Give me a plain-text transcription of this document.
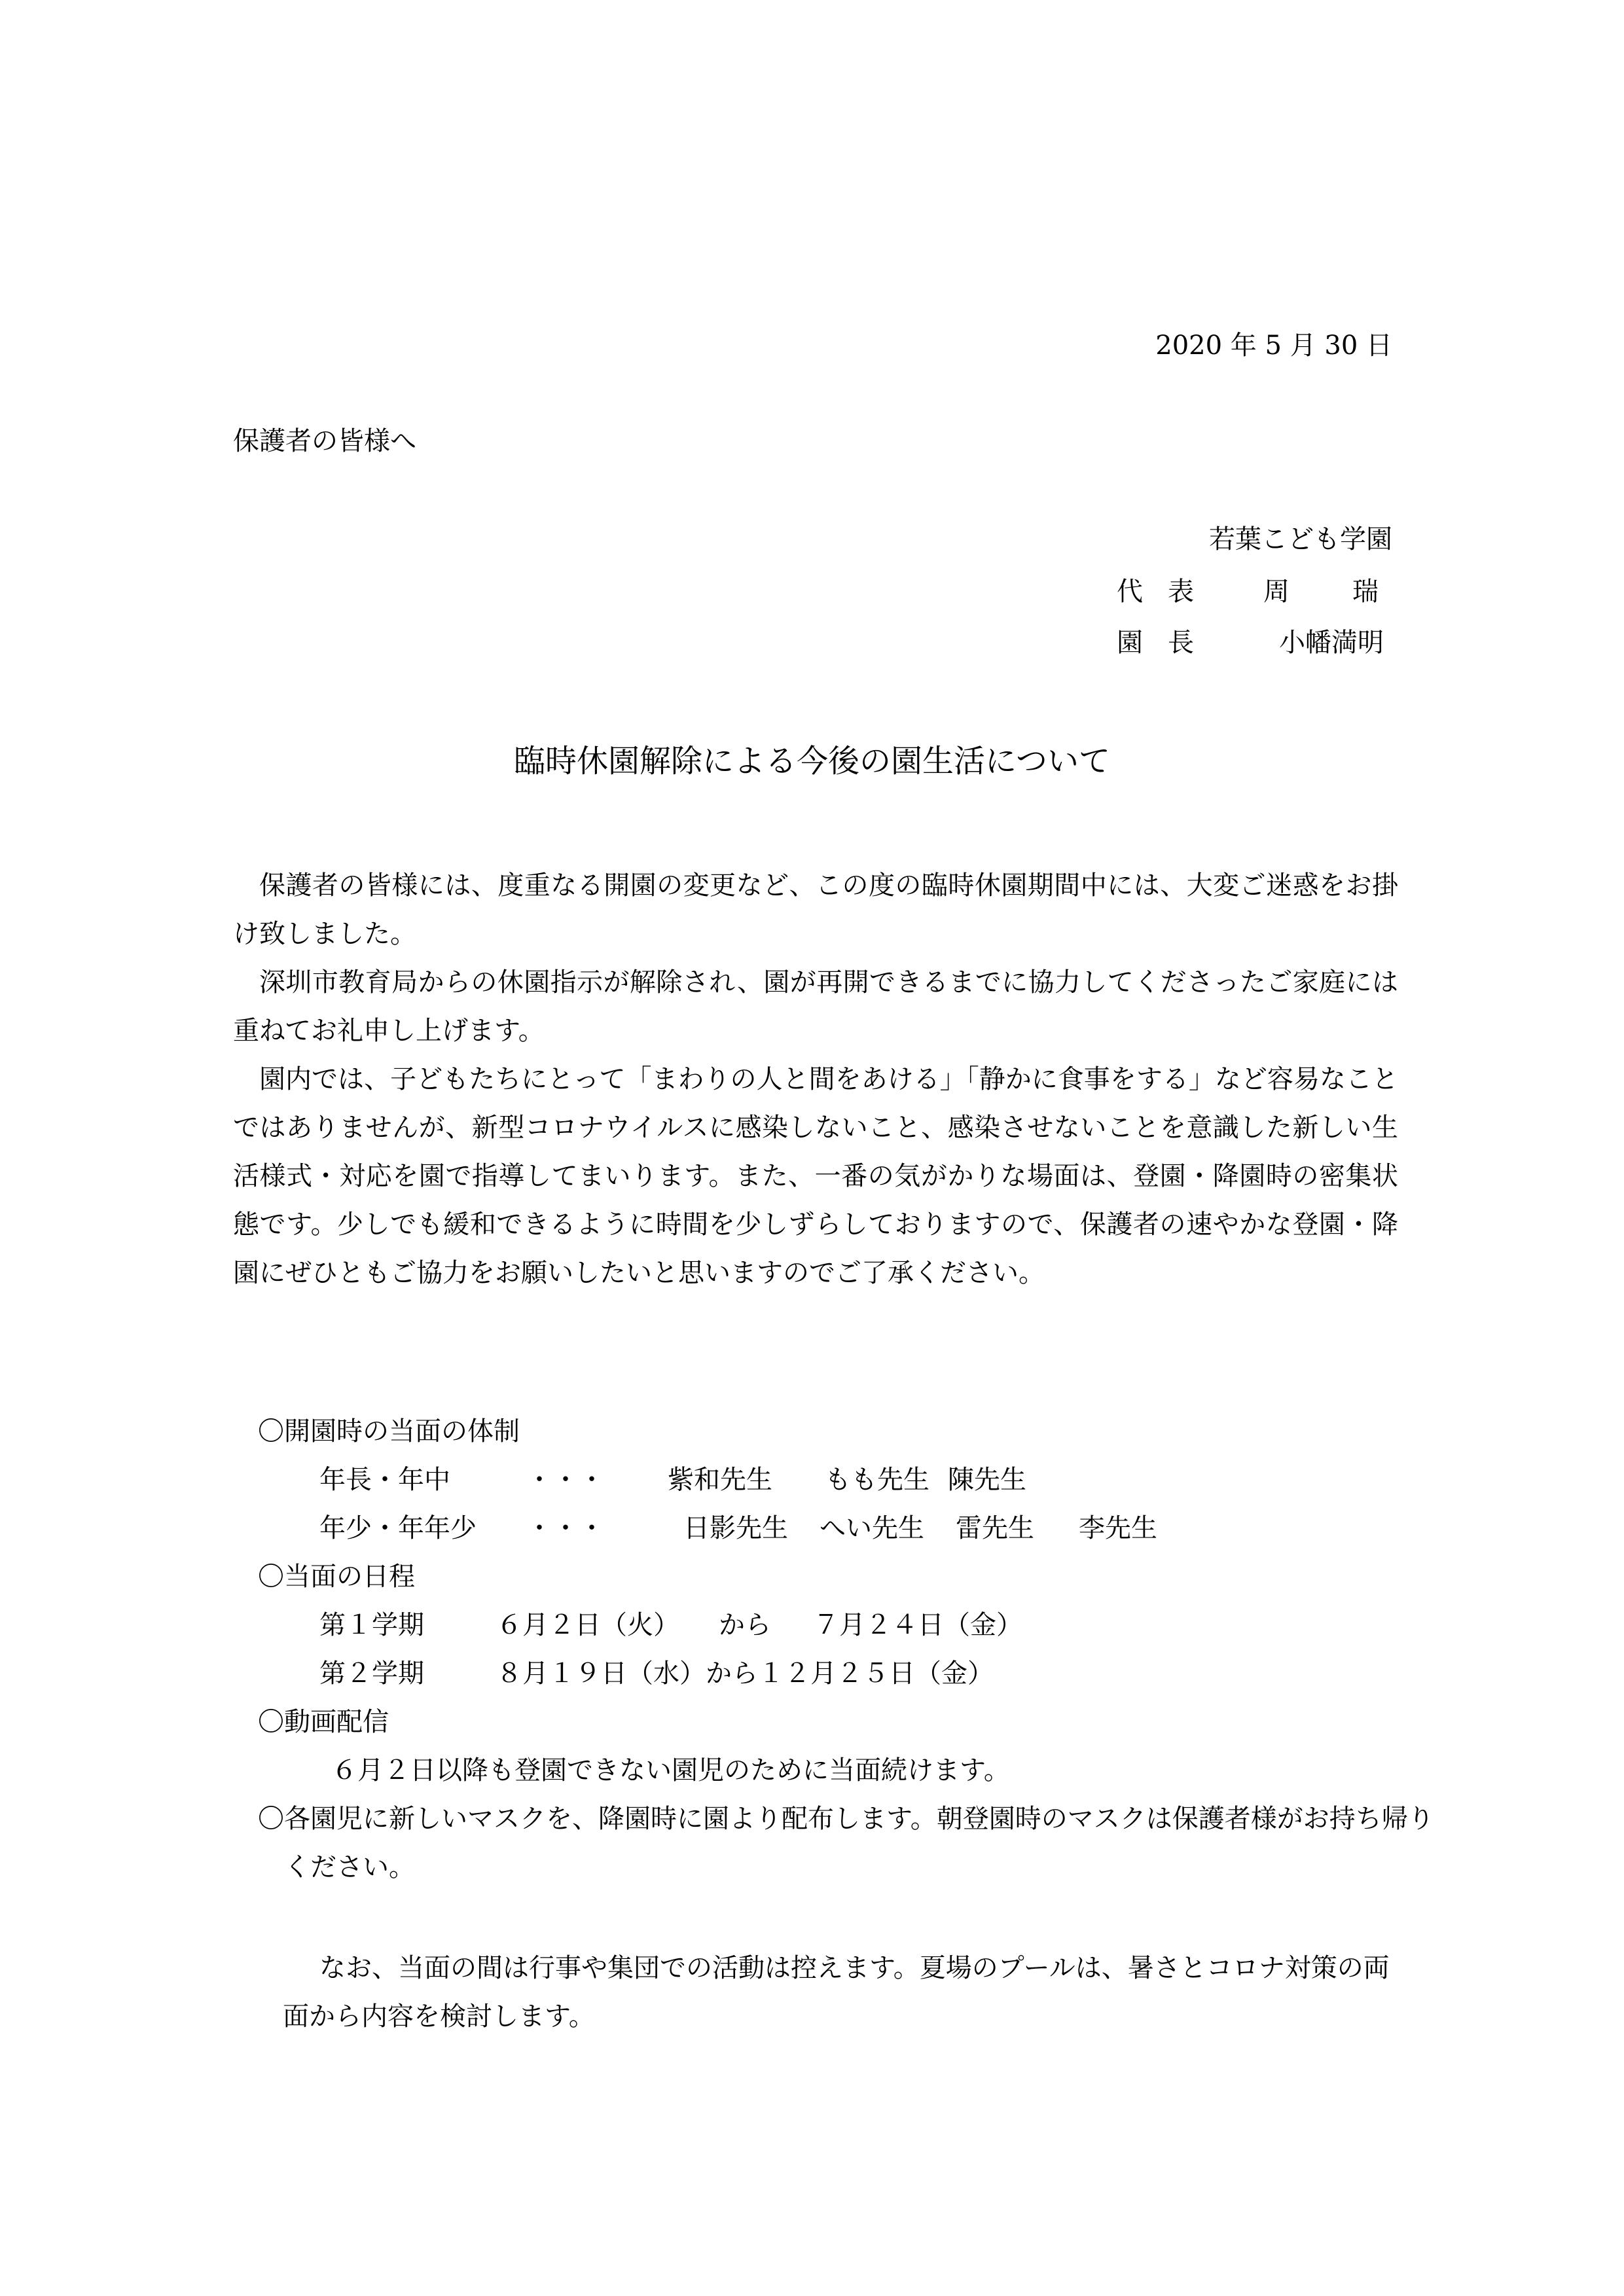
2020 年 5 月 30 日
保護者の皆様へ
若葉こども学園
代表 周瑞
園長 小幡満明
臨時休園解除による今後の園生活について

保護者の皆様には、度重なる開園の変更など、この度の臨時休園期間中には、大変ご迷惑をお掛け致しました。

深圳市教育局からの休園指示が解除され、園が再開できるまでに協力してくださったご家庭には重ねてお礼申し上げます。

園内では、子どもたちにとって「まわりの人と間をあける」「静かに食事をする」など容易なことではありませんが、新型コロナウイルスに感染しないこと、感染させないことを意識した新しい生活様式・対応を園で指導してまいります。また、一番の気がかりな場面は、登園・降園時の密集状態です。少しでも緩和できるように時間を少しずらしておりますので、保護者の速やかな登園・降園にぜひともご協力をお願いしたいと思いますのでご了承ください。

〇開園時の当面の体制
年長・年中	・・・ 紫和先生 もも先生 陳先生
年少・年年少 ・・・	日影先生 へい先生 雷先生 李先生
〇当面の日程
第１学期	６月２日（火） から ７月２４日（金）
第２学期	８月１９日（水）から１２月２５日（金）
〇動画配信
６月２日以降も登園できない園児のために当面続けます。
〇各園児に新しいマスクを、降園時に園より配布します。朝登園時のマスクは保護者様がお持ち帰りください。

なお、当面の間は行事や集団での活動は控えます。夏場のプールは、暑さとコロナ対策の両面から内容を検討します。
